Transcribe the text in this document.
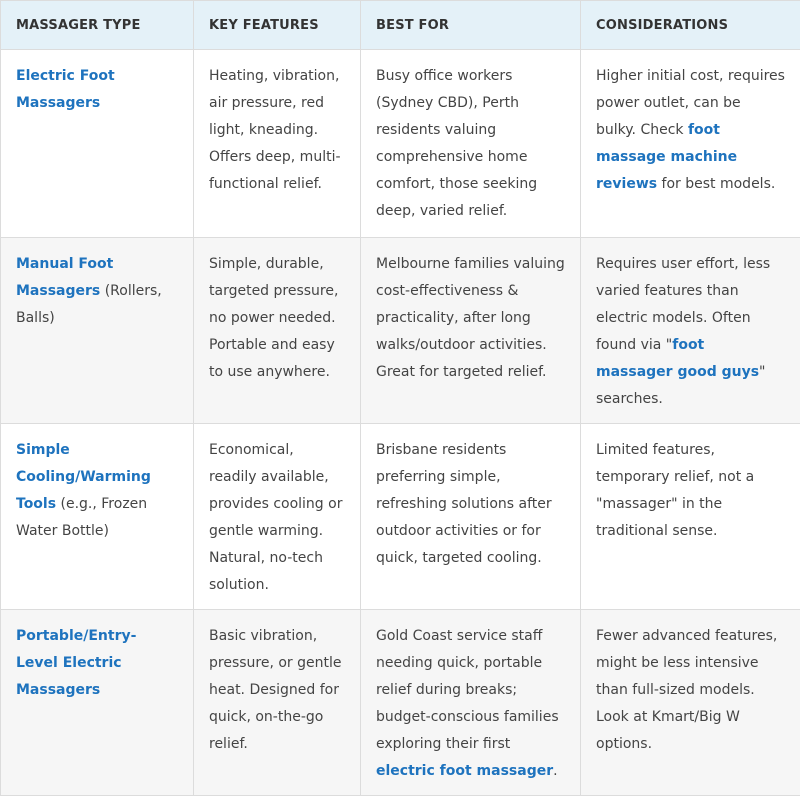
MASSAGER TYPE	KEY FEATURES	BEST FOR	CONSIDERATIONS
Electric Foot Massagers	Heating, vibration, air pressure, red light, kneading. Offers deep, multi-functional relief.	Busy office workers (Sydney CBD), Perth residents valuing comprehensive home comfort, those seeking deep, varied relief.	Higher initial cost, requires power outlet, can be bulky. Check foot massage machine reviews for best models.
Manual Foot Massagers (Rollers, Balls)	Simple, durable, targeted pressure, no power needed. Portable and easy to use anywhere.	Melbourne families valuing cost-effectiveness & practicality, after long walks/outdoor activities. Great for targeted relief.	Requires user effort, less varied features than electric models. Often found via "foot massager good guys" searches.
Simple Cooling/Warming Tools (e.g., Frozen Water Bottle)	Economical, readily available, provides cooling or gentle warming. Natural, no-tech solution.	Brisbane residents preferring simple, refreshing solutions after outdoor activities or for quick, targeted cooling.	Limited features, temporary relief, not a "massager" in the traditional sense.
Portable/Entry-Level Electric Massagers	Basic vibration, pressure, or gentle heat. Designed for quick, on-the-go relief.	Gold Coast service staff needing quick, portable relief during breaks; budget-conscious families exploring their first electric foot massager.	Fewer advanced features, might be less intensive than full-sized models. Look at Kmart/Big W options.
